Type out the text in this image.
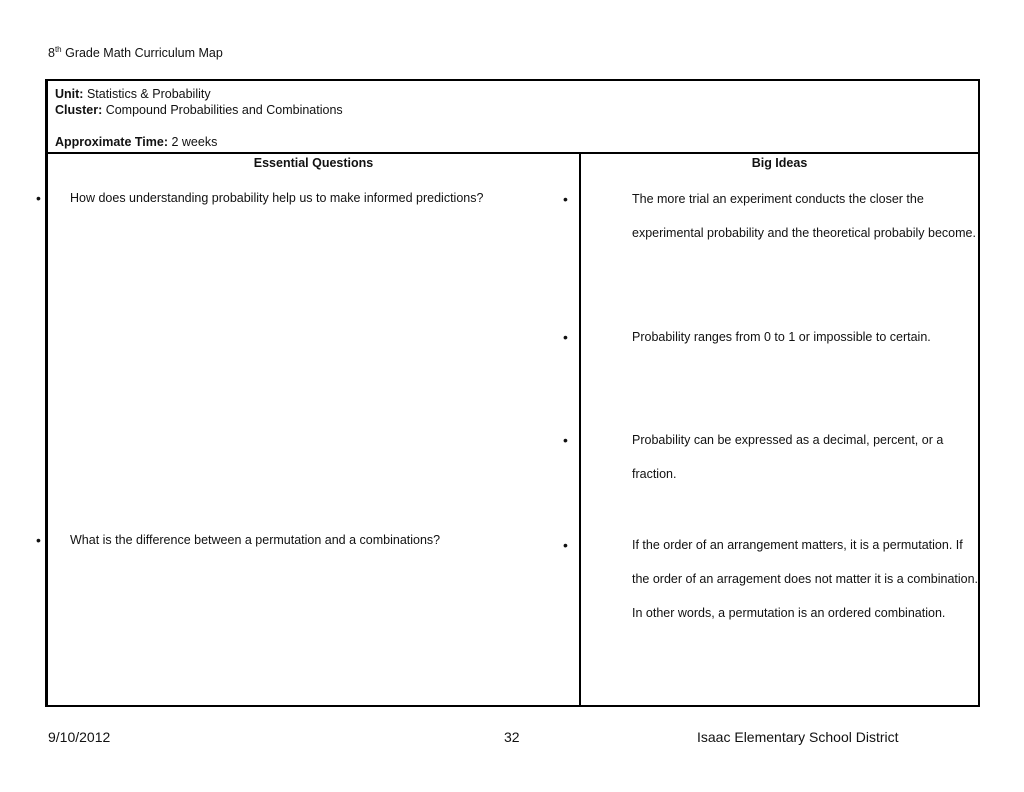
8th Grade Math Curriculum Map
Unit: Statistics & Probability
Cluster: Compound Probabilities and Combinations
Approximate Time: 2 weeks
Essential Questions	Big Ideas
•	How does understanding probability help us to make informed predictions?
•	What is the difference between a permutation and a combinations?
•	The more trial an experiment conducts the closer the experimental probability and the theoretical probabily become.
•	Probability ranges from 0 to 1 or impossible to certain.
•	Probability can be expressed as a decimal, percent, or a fraction.
•	If the order of an arrangement matters, it is a permutation. If the order of an arragement does not matter it is a combination. In other words, a permutation is an ordered combination.
9/10/2012	32	Isaac Elementary School District
